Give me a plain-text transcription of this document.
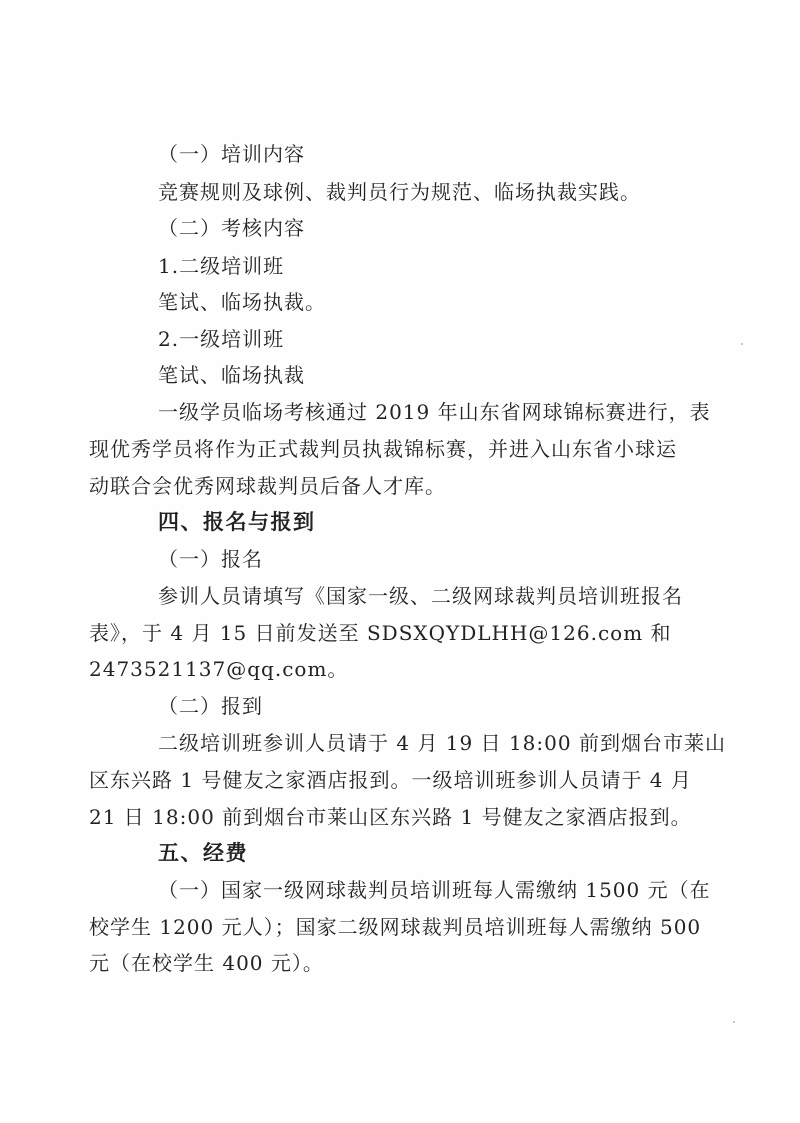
（一）培训内容
竞赛规则及球例、裁判员行为规范、临场执裁实践。
（二）考核内容
1.二级培训班
笔试、临场执裁。
2.一级培训班
笔试、临场执裁
一级学员临场考核通过 2019 年山东省网球锦标赛进行，表
现优秀学员将作为正式裁判员执裁锦标赛，并进入山东省小球运
动联合会优秀网球裁判员后备人才库。
四、报名与报到
（一）报名
参训人员请填写《国家一级、二级网球裁判员培训班报名
表》，于 4 月 15 日前发送至 SDSXQYDLHH@126.com 和
2473521137@qq.com。
（二）报到
二级培训班参训人员请于 4 月 19 日 18:00 前到烟台市莱山
区东兴路 1 号健友之家酒店报到。一级培训班参训人员请于 4 月
21 日 18:00 前到烟台市莱山区东兴路 1 号健友之家酒店报到。
五、经费
（一）国家一级网球裁判员培训班每人需缴纳 1500 元（在
校学生 1200 元人）；国家二级网球裁判员培训班每人需缴纳 500
元（在校学生 400 元）。
